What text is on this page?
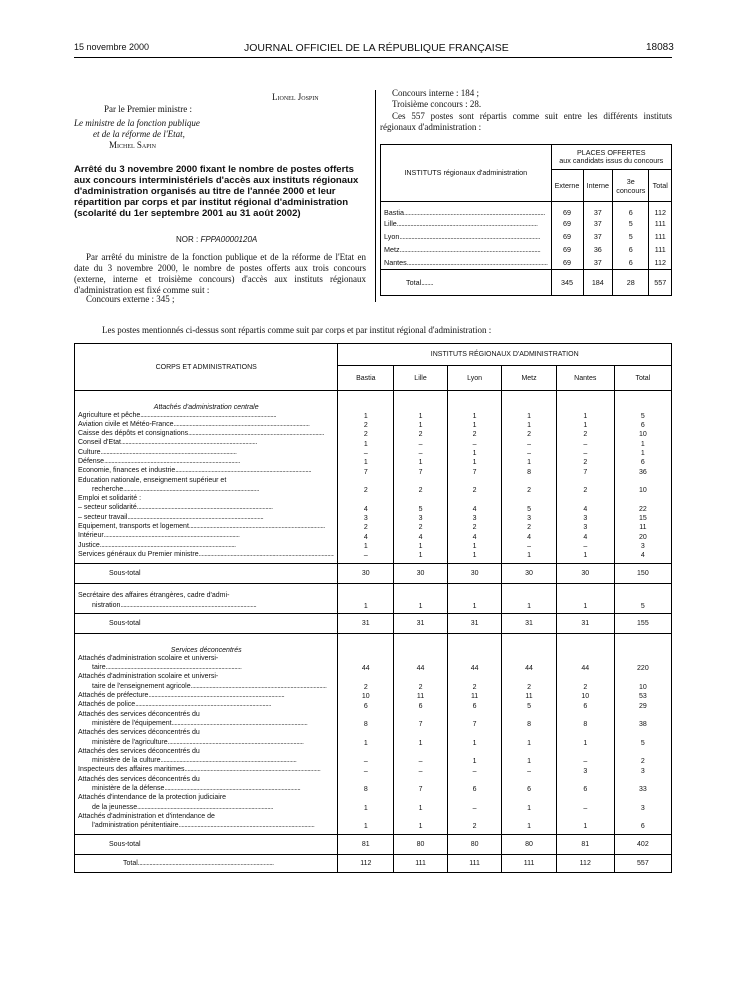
15 novembre 2000	JOURNAL OFFICIEL DE LA RÉPUBLIQUE FRANÇAISE	18083
Lionel Jospin
Par le Premier ministre :
Le ministre de la fonction publique
et de la réforme de l'Etat,
Michel Sapin
Arrêté du 3 novembre 2000 fixant le nombre de postes offerts aux concours interministériels d'accès aux instituts régionaux d'administration organisés au titre de l'année 2000 et leur répartition par corps et par institut régional d'administration (scolarité du 1er septembre 2001 au 31 août 2002)
NOR : FPPA0000120A
Par arrêté du ministre de la fonction publique et de la réforme de l'Etat en date du 3 novembre 2000, le nombre de postes offerts aux trois concours (externe, interne et troisième concours) d'accès aux instituts régionaux d'administration est fixé comme suit :
Concours externe : 345 ;
Concours interne : 184 ;
Troisième concours : 28.
Ces 557 postes sont répartis comme suit entre les différents instituts régionaux d'administration :
INSTITUTS régionaux d'administration	PLACES OFFERTES
aux candidats issus du concours			

	Externe	Interne	3e concours	Total
Bastia..............................................................................................	69	37	6	112
Lille..............................................................................................	69	37	5	111
Lyon..............................................................................................	69	37	5	111
Metz..............................................................................................	69	36	6	111
Nantes..............................................................................................	69	37	6	112
Total........	345	184	28	557
Les postes mentionnés ci-dessus sont répartis comme suit par corps et par institut régional d'administration :
CORPS ET ADMINISTRATIONS	INSTITUTS RÉGIONAUX D'ADMINISTRATION					
	Bastia	Lille	Lyon	Metz	Nantes	Total
Attachés d'administration centrale						

Agriculture et pêche..............................................................................................	1	1	1	1	1	5

Aviation civile et Météo-France..............................................................................................	2	1	1	1	1	6

Caisse des dépôts et consignations..............................................................................................	2	2	2	2	2	10

Conseil d'Etat..............................................................................................	1	–	–	–	–	1

Culture..............................................................................................	–	–	1	–	–	1

Défense..............................................................................................	1	1	1	1	2	6

Economie, finances et industrie..............................................................................................	7	7	7	8	7	36

Education nationale, enseignement supérieur et
recherche..............................................................................................	2	2	2	2	2	10

Emploi et solidarité :						

– secteur solidarité..............................................................................................	4	5	4	5	4	22

– secteur travail..............................................................................................	3	3	3	3	3	15

Equipement, transports et logement..............................................................................................	2	2	2	2	3	11

Intérieur..............................................................................................	4	4	4	4	4	20

Justice..............................................................................................	1	1	1	–	–	3

Services généraux du Premier ministre..............................................................................................	–	1	1	1	1	4

Sous-total	30	30	30	30	30	150

Secrétaire des affaires étrangères, cadre d'admi-
nistration..............................................................................................	1	1	1	1	1	5

Sous-total	31	31	31	31	31	155
Services déconcentrés						

Attachés d'administration scolaire et universi-
taire..............................................................................................	44	44	44	44	44	220

Attachés d'administration scolaire et universi-
taire de l'enseignement agricole..............................................................................................	2	2	2	2	2	10

Attachés de préfecture..............................................................................................	10	11	11	11	10	53

Attachés de police..............................................................................................	6	6	6	5	6	29

Attachés des services déconcentrés du
ministère de l'équipement..............................................................................................	8	7	7	8	8	38

Attachés des services déconcentrés du
ministère de l'agriculture..............................................................................................	1	1	1	1	1	5

Attachés des services déconcentrés du
ministère de la culture..............................................................................................	–	–	1	1	–	2

Inspecteurs des affaires maritimes..............................................................................................	–	–	–	–	3	3

Attachés des services déconcentrés du
ministère de la défense..............................................................................................	8	7	6	6	6	33

Attachés d'intendance de la protection judiciaire
de la jeunesse..............................................................................................	1	1	–	1	–	3

Attachés d'administration et d'intendance de
l'administration pénitentiaire..............................................................................................	1	1	2	1	1	6

Sous-total	81	80	80	80	81	402
Total..............................................................................................	112	111	111	111	112	557
